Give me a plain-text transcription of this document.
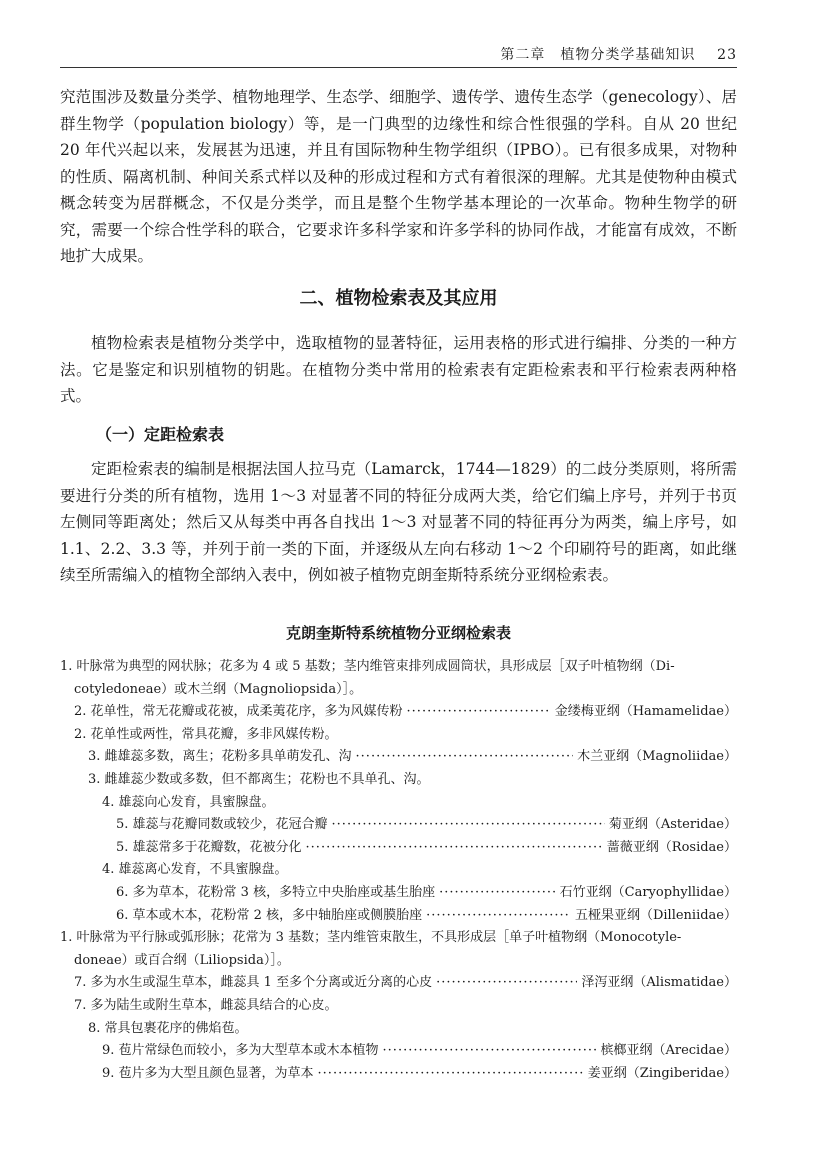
第二章　植物分类学基础知识 23

究范围涉及数量分类学、植物地理学、生态学、细胞学、遗传学、遗传生态学（genecology）、居群生物学（population biology）等，是一门典型的边缘性和综合性很强的学科。自从 20 世纪 20 年代兴起以来，发展甚为迅速，并且有国际物种生物学组织（IPBO）。已有很多成果，对物种的性质、隔离机制、种间关系式样以及种的形成过程和方式有着很深的理解。尤其是使物种由模式概念转变为居群概念，不仅是分类学，而且是整个生物学基本理论的一次革命。物种生物学的研究，需要一个综合性学科的联合，它要求许多科学家和许多学科的协同作战，才能富有成效，不断地扩大成果。

二、植物检索表及其应用

植物检索表是植物分类学中，选取植物的显著特征，运用表格的形式进行编排、分类的一种方法。它是鉴定和识别植物的钥匙。在植物分类中常用的检索表有定距检索表和平行检索表两种格式。

（一）定距检索表

定距检索表的编制是根据法国人拉马克（Lamarck，1744—1829）的二歧分类原则，将所需要进行分类的所有植物，选用 1～3 对显著不同的特征分成两大类，给它们编上序号，并列于书页左侧同等距离处；然后又从每类中再各自找出 1～3 对显著不同的特征再分为两类，编上序号，如 1.1、2.2、3.3 等，并列于前一类的下面，并逐级从左向右移动 1～2 个印刷符号的距离，如此继续至所需编入的植物全部纳入表中，例如被子植物克朗奎斯特系统分亚纲检索表。

克朗奎斯特系统植物分亚纲检索表
1. 叶脉常为典型的网状脉；花多为 4 或 5 基数；茎内维管束排列成圆筒状，具形成层［双子叶植物纲（Di-
cotyledoneae）或木兰纲（Magnoliopsida）］。
2. 花单性，常无花瓣或花被，成柔荑花序，多为风媒传粉 ·····	金缕梅亚纲（Hamamelidae）
2. 花单性或两性，常具花瓣，多非风媒传粉。
3. 雌雄蕊多数，离生；花粉多具单萌发孔、沟 ·····	木兰亚纲（Magnoliidae）
3. 雌雄蕊少数或多数，但不都离生；花粉也不具单孔、沟。
4. 雄蕊向心发育，具蜜腺盘。
5. 雄蕊与花瓣同数或较少，花冠合瓣 ·····	菊亚纲（Asteridae）
5. 雄蕊常多于花瓣数，花被分化 ·····	蔷薇亚纲（Rosidae）
4. 雄蕊离心发育，不具蜜腺盘。
6. 多为草本，花粉常 3 核，多特立中央胎座或基生胎座 ·····	石竹亚纲（Caryophyllidae）
6. 草本或木本，花粉常 2 核，多中轴胎座或侧膜胎座 ·····	五桠果亚纲（Dilleniidae）
1. 叶脉常为平行脉或弧形脉；花常为 3 基数；茎内维管束散生，不具形成层［单子叶植物纲（Monocotyle-
doneae）或百合纲（Liliopsida）］。
7. 多为水生或湿生草本，雌蕊具 1 至多个分离或近分离的心皮 ·····	泽泻亚纲（Alismatidae）
7. 多为陆生或附生草本，雌蕊具结合的心皮。
8. 常具包裹花序的佛焰苞。
9. 苞片常绿色而较小，多为大型草本或木本植物 ·····	槟榔亚纲（Arecidae）
9. 苞片多为大型且颜色显著，为草本 ·····	姜亚纲（Zingiberidae）
